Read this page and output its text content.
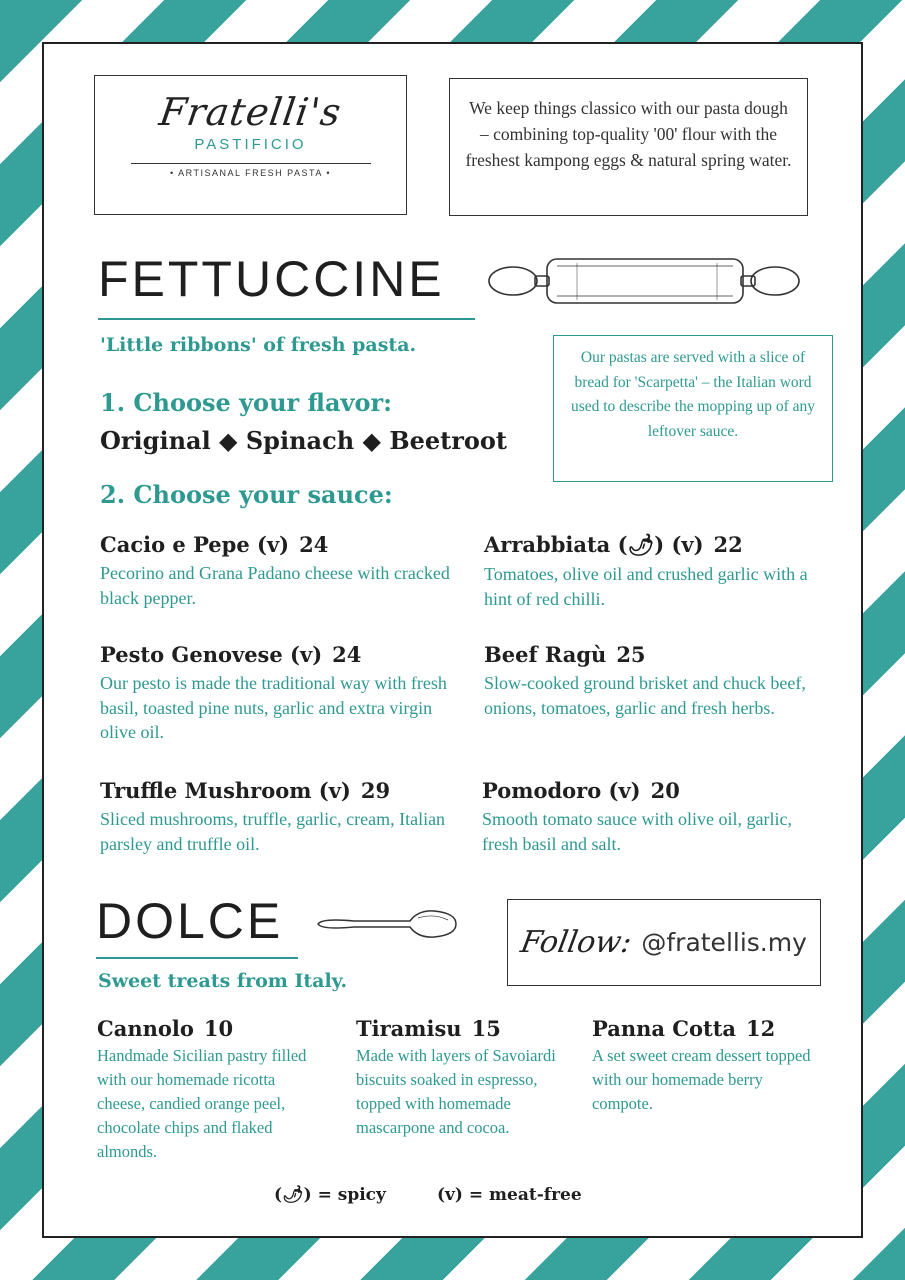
Fratelli's
PASTIFICIO
• ARTISANAL FRESH PASTA •
We keep things classico with our pasta dough – combining top-quality '00' flour with the freshest kampong eggs & natural spring water.
FETTUCCINE
'Little ribbons' of fresh pasta.
Our pastas are served with a slice of bread for 'Scarpetta' – the Italian word used to describe the mopping up of any leftover sauce.
1. Choose your flavor:
Original ◆ Spinach ◆ Beetroot
2. Choose your sauce:
Cacio e Pepe (v) 24
Pecorino and Grana Padano cheese with cracked black pepper.
Arrabbiata (🌶) (v) 22
Tomatoes, olive oil and crushed garlic with a hint of red chilli.
Pesto Genovese (v) 24
Our pesto is made the traditional way with fresh basil, toasted pine nuts, garlic and extra virgin olive oil.
Beef Ragù 25
Slow-cooked ground brisket and chuck beef, onions, tomatoes, garlic and fresh herbs.
Truffle Mushroom (v) 29
Sliced mushrooms, truffle, garlic, cream, Italian parsley and truffle oil.
Pomodoro (v) 20
Smooth tomato sauce with olive oil, garlic, fresh basil and salt.
DOLCE	Follow: @fratellis.my
Sweet treats from Italy.
Cannolo 10
Handmade Sicilian pastry filled with our homemade ricotta cheese, candied orange peel, chocolate chips and flaked almonds.
Tiramisu 15
Made with layers of Savoiardi biscuits soaked in espresso, topped with homemade mascarpone and cocoa.
Panna Cotta 12
A set sweet cream dessert topped with our homemade berry compote.
(🌶) = spicy	(v) = meat-free
